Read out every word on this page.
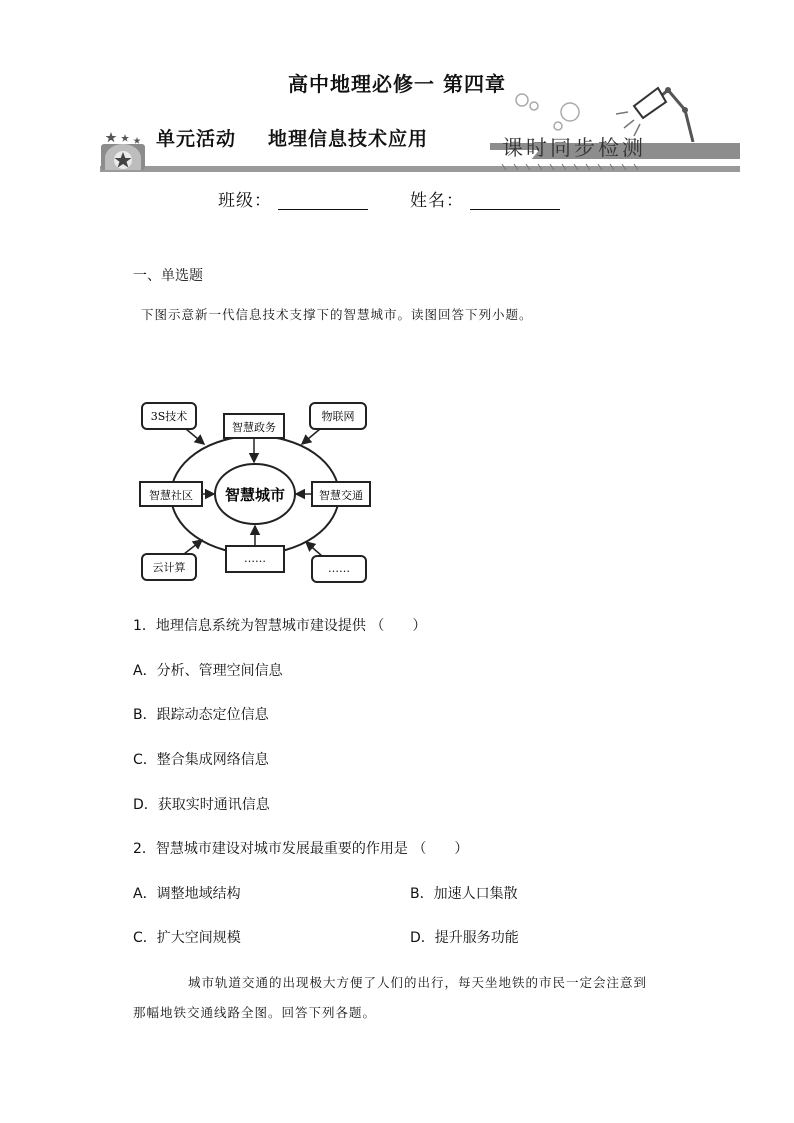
高中地理必修一 第四章
单元活动 地理信息技术应用	课时同步检测
班级：	姓名：
一、单选题
下图示意新一代信息技术支撑下的智慧城市。读图回答下列小题。
智慧城市
智慧政务
智慧社区	智慧交通
……
3S技术	物联网
云计算	……
1．地理信息系统为智慧城市建设提供 （　　）
A．分析、管理空间信息
B．跟踪动态定位信息
C．整合集成网络信息
D．获取实时通讯信息
2．智慧城市建设对城市发展最重要的作用是 （　　）
A．调整地域结构	B．加速人口集散
C．扩大空间规模	D．提升服务功能
城市轨道交通的出现极大方便了人们的出行，每天坐地铁的市民一定会注意到
那幅地铁交通线路全图。回答下列各题。
